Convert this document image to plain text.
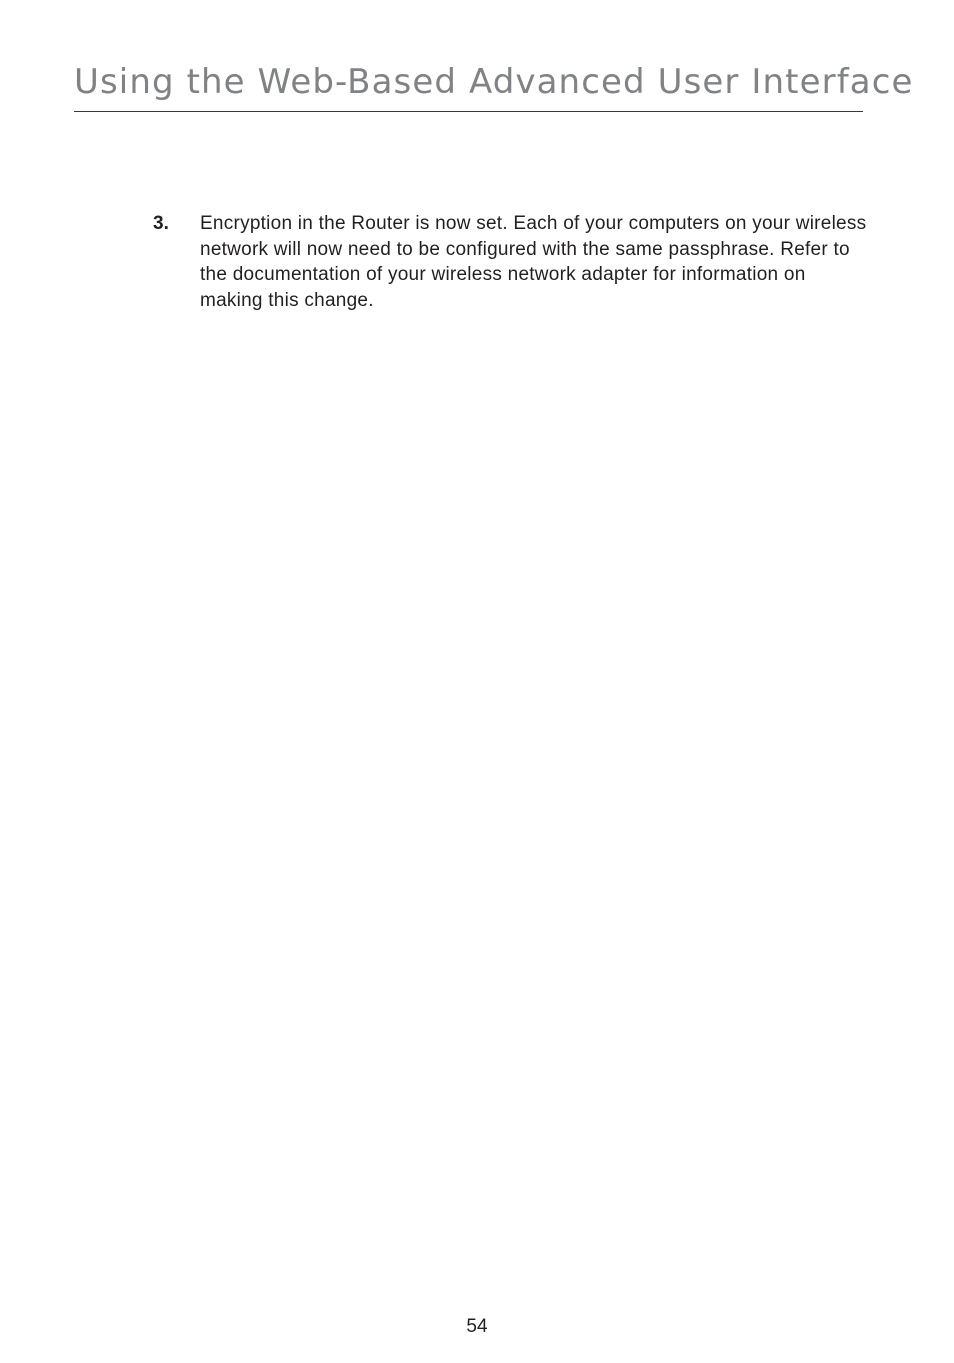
Using the Web-Based Advanced User Interface
3. Encryption in the Router is now set. Each of your computers on your wireless network will now need to be configured with the same passphrase. Refer to the documentation of your wireless network adapter for information on making this change.

54
